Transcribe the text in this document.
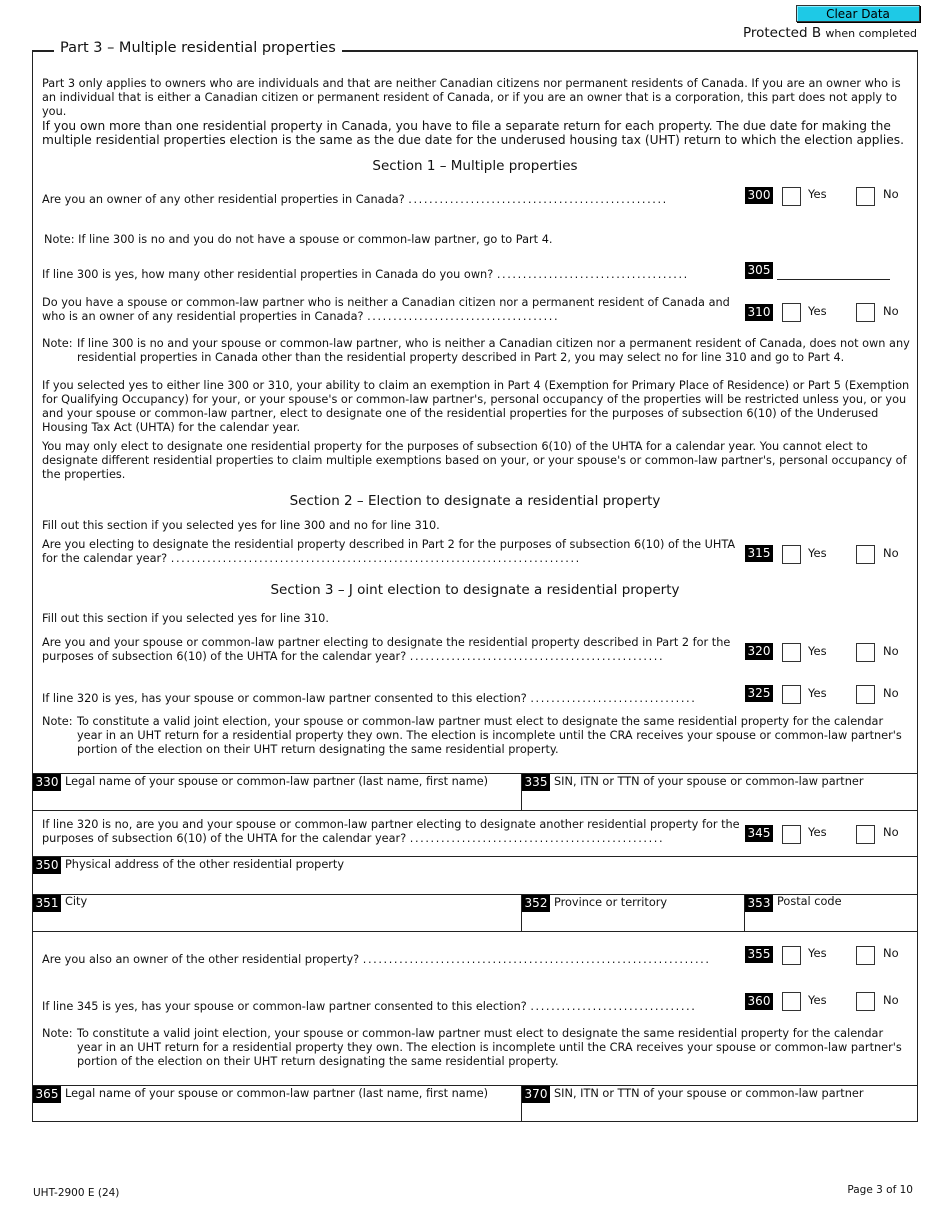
Clear Data
Protected B when completed
Part 3 – Multiple residential properties
Part 3 only applies to owners who are individuals and that are neither Canadian citizens nor permanent residents of Canada. If you are an owner who is an individual that is either a Canadian citizen or permanent resident of Canada, or if you are an owner that is a corporation, this part does not apply to you.
If you own more than one residential property in Canada, you have to file a separate return for each property. The due date for making the multiple residential properties election is the same as the due date for the underused housing tax (UHT) return to which the election applies.
Section 1 – Multiple properties
Are you an owner of any other residential properties in Canada? ..................................................	300	Yes	No
Note: If line 300 is no and you do not have a spouse or common-law partner, go to Part 4.
If line 300 is yes, how many other residential properties in Canada do you own? .....................................	305
Do you have a spouse or common-law partner who is neither a Canadian citizen nor a permanent resident of Canada and who is an owner of any residential properties in Canada? .....................................	310	Yes	No
Note: If line 300 is no and your spouse or common-law partner, who is neither a Canadian citizen nor a permanent resident of Canada, does not own any residential properties in Canada other than the residential property described in Part 2, you may select no for line 310 and go to Part 4.
If you selected yes to either line 300 or 310, your ability to claim an exemption in Part 4 (Exemption for Primary Place of Residence) or Part 5 (Exemption for Qualifying Occupancy) for your, or your spouse's or common-law partner's, personal occupancy of the properties will be restricted unless you, or you and your spouse or common-law partner, elect to designate one of the residential properties for the purposes of subsection 6(10) of the Underused Housing Tax Act (UHTA) for the calendar year.
You may only elect to designate one residential property for the purposes of subsection 6(10) of the UHTA for a calendar year. You cannot elect to designate different residential properties to claim multiple exemptions based on your, or your spouse's or common-law partner's, personal occupancy of the properties.
Section 2 – Election to designate a residential property
Fill out this section if you selected yes for line 300 and no for line 310.
Are you electing to designate the residential property described in Part 2 for the purposes of subsection 6(10) of the UHTA for the calendar year? ...............................................................................	315	Yes	No
Section 3 – J oint election to designate a residential property
Fill out this section if you selected yes for line 310.
Are you and your spouse or common-law partner electing to designate the residential property described in Part 2 for the purposes of subsection 6(10) of the UHTA for the calendar year? .................................................	320	Yes	No
If line 320 is yes, has your spouse or common-law partner consented to this election? ................................	325	Yes	No
Note: To constitute a valid joint election, your spouse or common-law partner must elect to designate the same residential property for the calendar year in an UHT return for a residential property they own. The election is incomplete until the CRA receives your spouse or common-law partner's portion of the election on their UHT return designating the same residential property.
330 Legal name of your spouse or common-law partner (last name, first name)	335 SIN, ITN or TTN of your spouse or common-law partner
If line 320 is no, are you and your spouse or common-law partner electing to designate another residential property for the purposes of subsection 6(10) of the UHTA for the calendar year? .................................................	345	Yes	No
350 Physical address of the other residential property
351 City	352 Province or territory	353 Postal code
Are you also an owner of the other residential property? ...................................................................	355	Yes	No
If line 345 is yes, has your spouse or common-law partner consented to this election? ................................	360	Yes	No
Note: To constitute a valid joint election, your spouse or common-law partner must elect to designate the same residential property for the calendar year in an UHT return for a residential property they own. The election is incomplete until the CRA receives your spouse or common-law partner's portion of the election on their UHT return designating the same residential property.
365 Legal name of your spouse or common-law partner (last name, first name)	370 SIN, ITN or TTN of your spouse or common-law partner
UHT-2900 E (24)	Page 3 of 10
